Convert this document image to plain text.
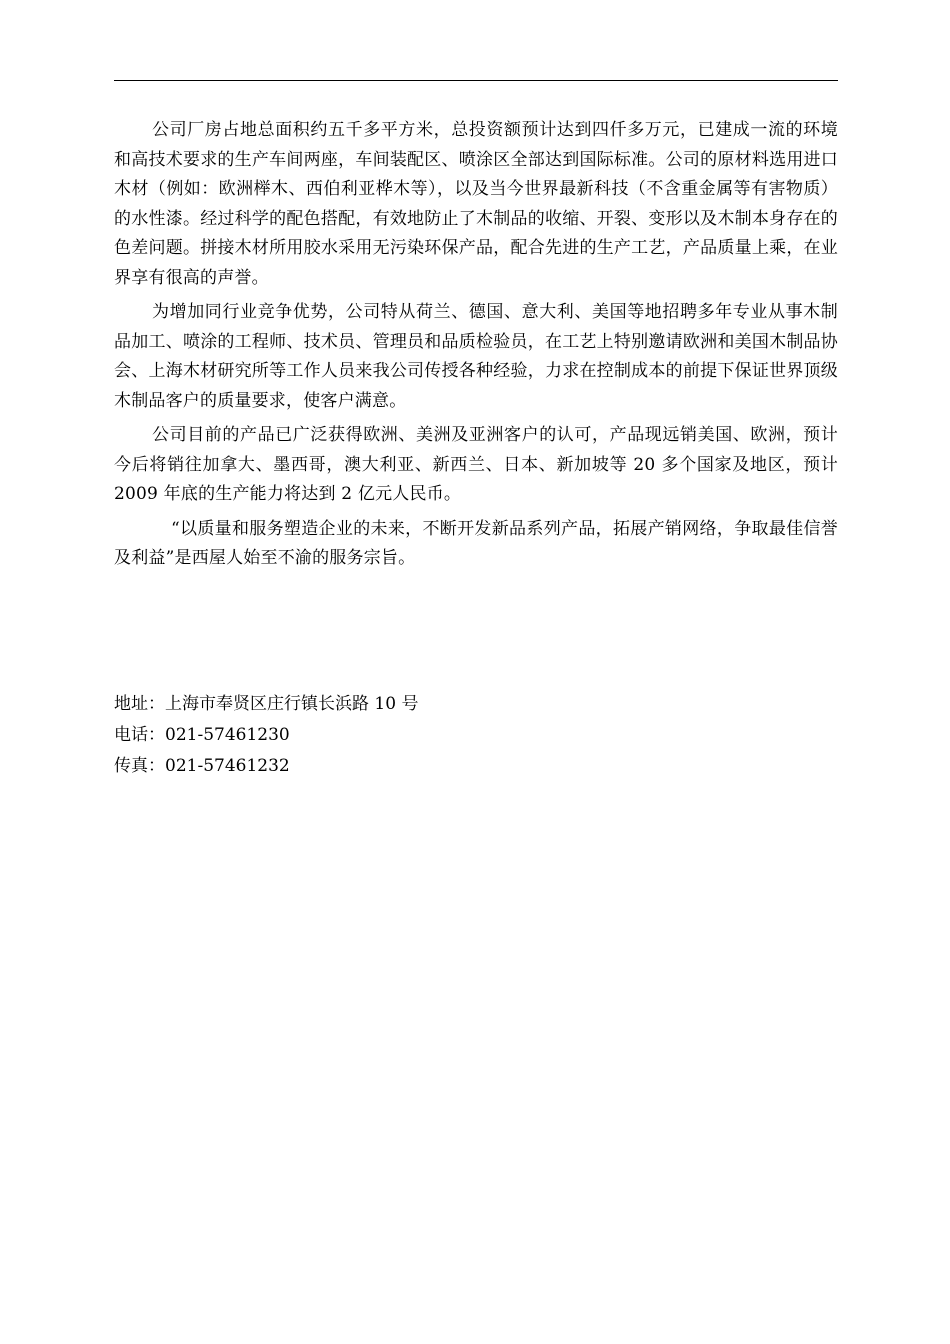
公司厂房占地总面积约五千多平方米，总投资额预计达到四仟多万元，已建成一流的环境和高技术要求的生产车间两座，车间装配区、喷涂区全部达到国际标准。公司的原材料选用进口木材（例如：欧洲榉木、西伯利亚桦木等），以及当今世界最新科技（不含重金属等有害物质）的水性漆。经过科学的配色搭配，有效地防止了木制品的收缩、开裂、变形以及木制本身存在的色差问题。拼接木材所用胶水采用无污染环保产品，配合先进的生产工艺，产品质量上乘，在业界享有很高的声誉。

为增加同行业竞争优势，公司特从荷兰、德国、意大利、美国等地招聘多年专业从事木制品加工、喷涂的工程师、技术员、管理员和品质检验员，在工艺上特别邀请欧洲和美国木制品协会、上海木材研究所等工作人员来我公司传授各种经验，力求在控制成本的前提下保证世界顶级木制品客户的质量要求，使客户满意。

公司目前的产品已广泛获得欧洲、美洲及亚洲客户的认可，产品现远销美国、欧洲，预计今后将销往加拿大、墨西哥，澳大利亚、新西兰、日本、新加坡等 20 多个国家及地区，预计 2009 年底的生产能力将达到 2 亿元人民币。

“以质量和服务塑造企业的未来，不断开发新品系列产品，拓展产销网络，争取最佳信誉及利益”是西屋人始至不渝的服务宗旨。

地址：上海市奉贤区庄行镇长浜路 10 号

电话：021-57461230

传真：021-57461232
